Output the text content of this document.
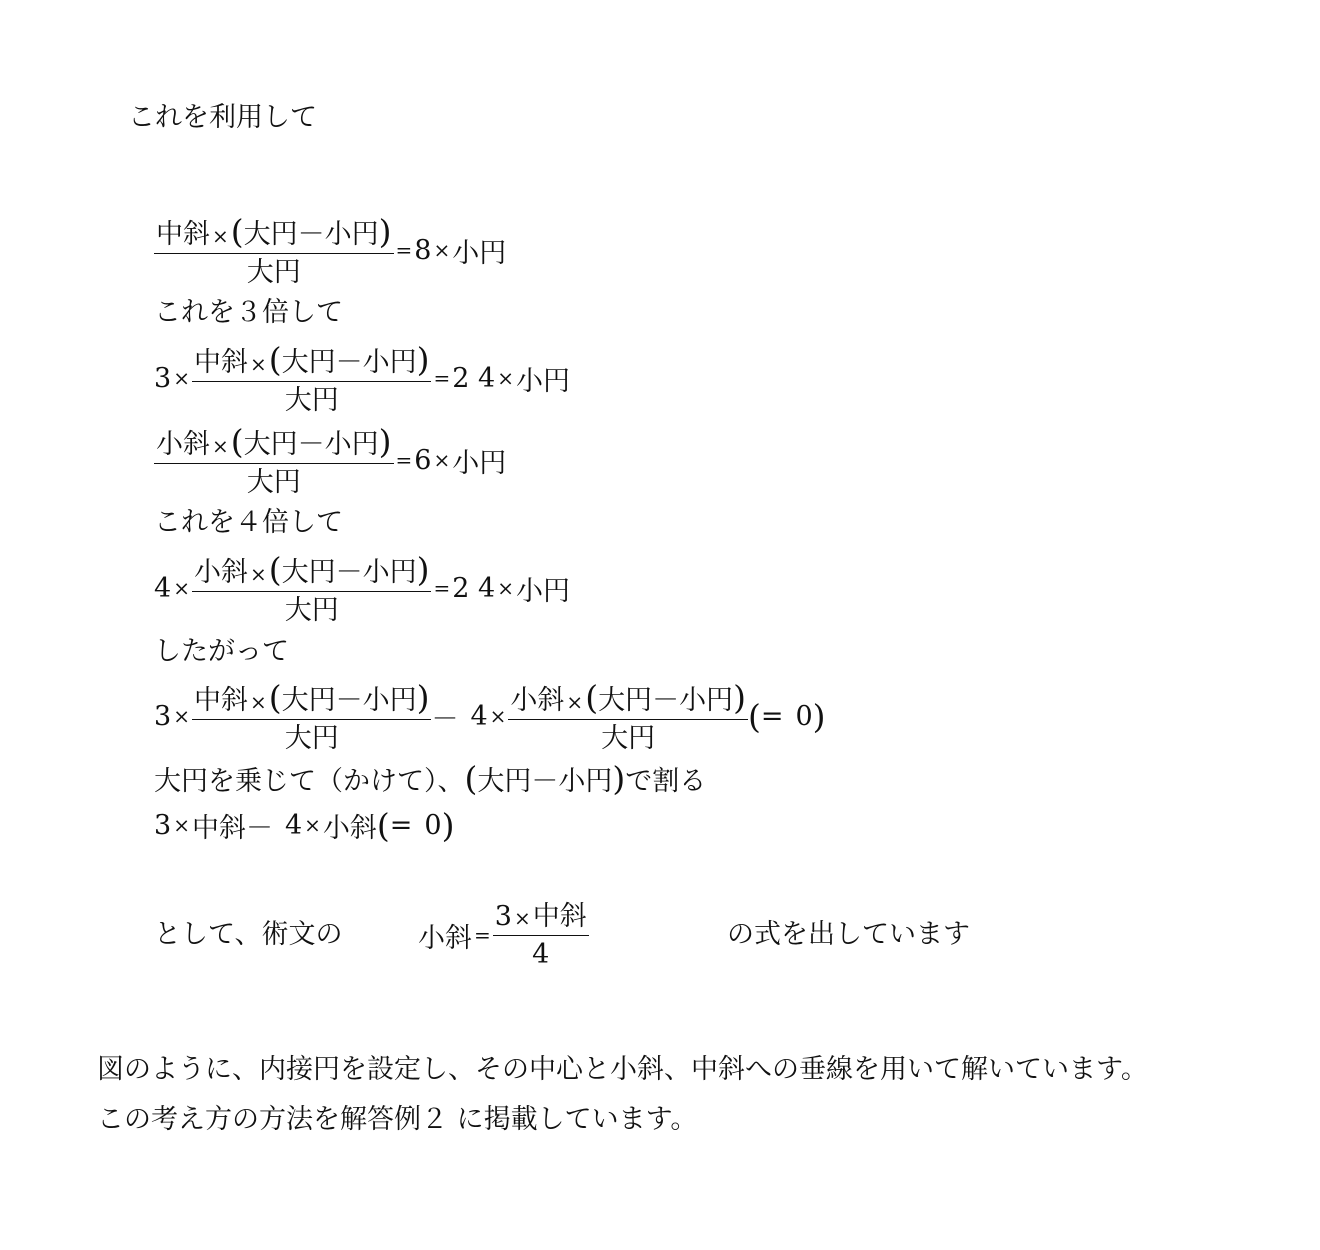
これを利用して
$\frac{\text{中斜 ×(大円－小円)}}{\text{大円}} = 8$ × 小円
これを３倍して
$3 \times \frac{\text{中斜 ×(大円－小円)}}{\text{大円}} = 2$ 4 × 小円
$\frac{\text{小斜 ×(大円－小円)}}{\text{大円}} = 6$ × 小円
これを４倍して
$4 \times \frac{\text{小斜 ×(大円－小円)}}{\text{大円}} = 2$ 4 × 小円
したがって
$3 \times \frac{\text{中斜 ×(大円－小円)}}{\text{大円}} - 4 \times \frac{\text{小斜 ×(大円－小円)}}{\text{大円}}$ ( = 0 )
大円を乗じて（かけて）、 ( 大円 － 小円 ) で割る
3 × 中斜 － 4 × 小斜 ( = 0 )
として、術文の	小斜 = $\frac{\text{3 ×中斜}}{4}$	の式を出しています
図のように、内接円を設定し、その中心と小斜、中斜への垂線を用いて解いています。
この考え方の方法を解答例２ に掲載しています。
